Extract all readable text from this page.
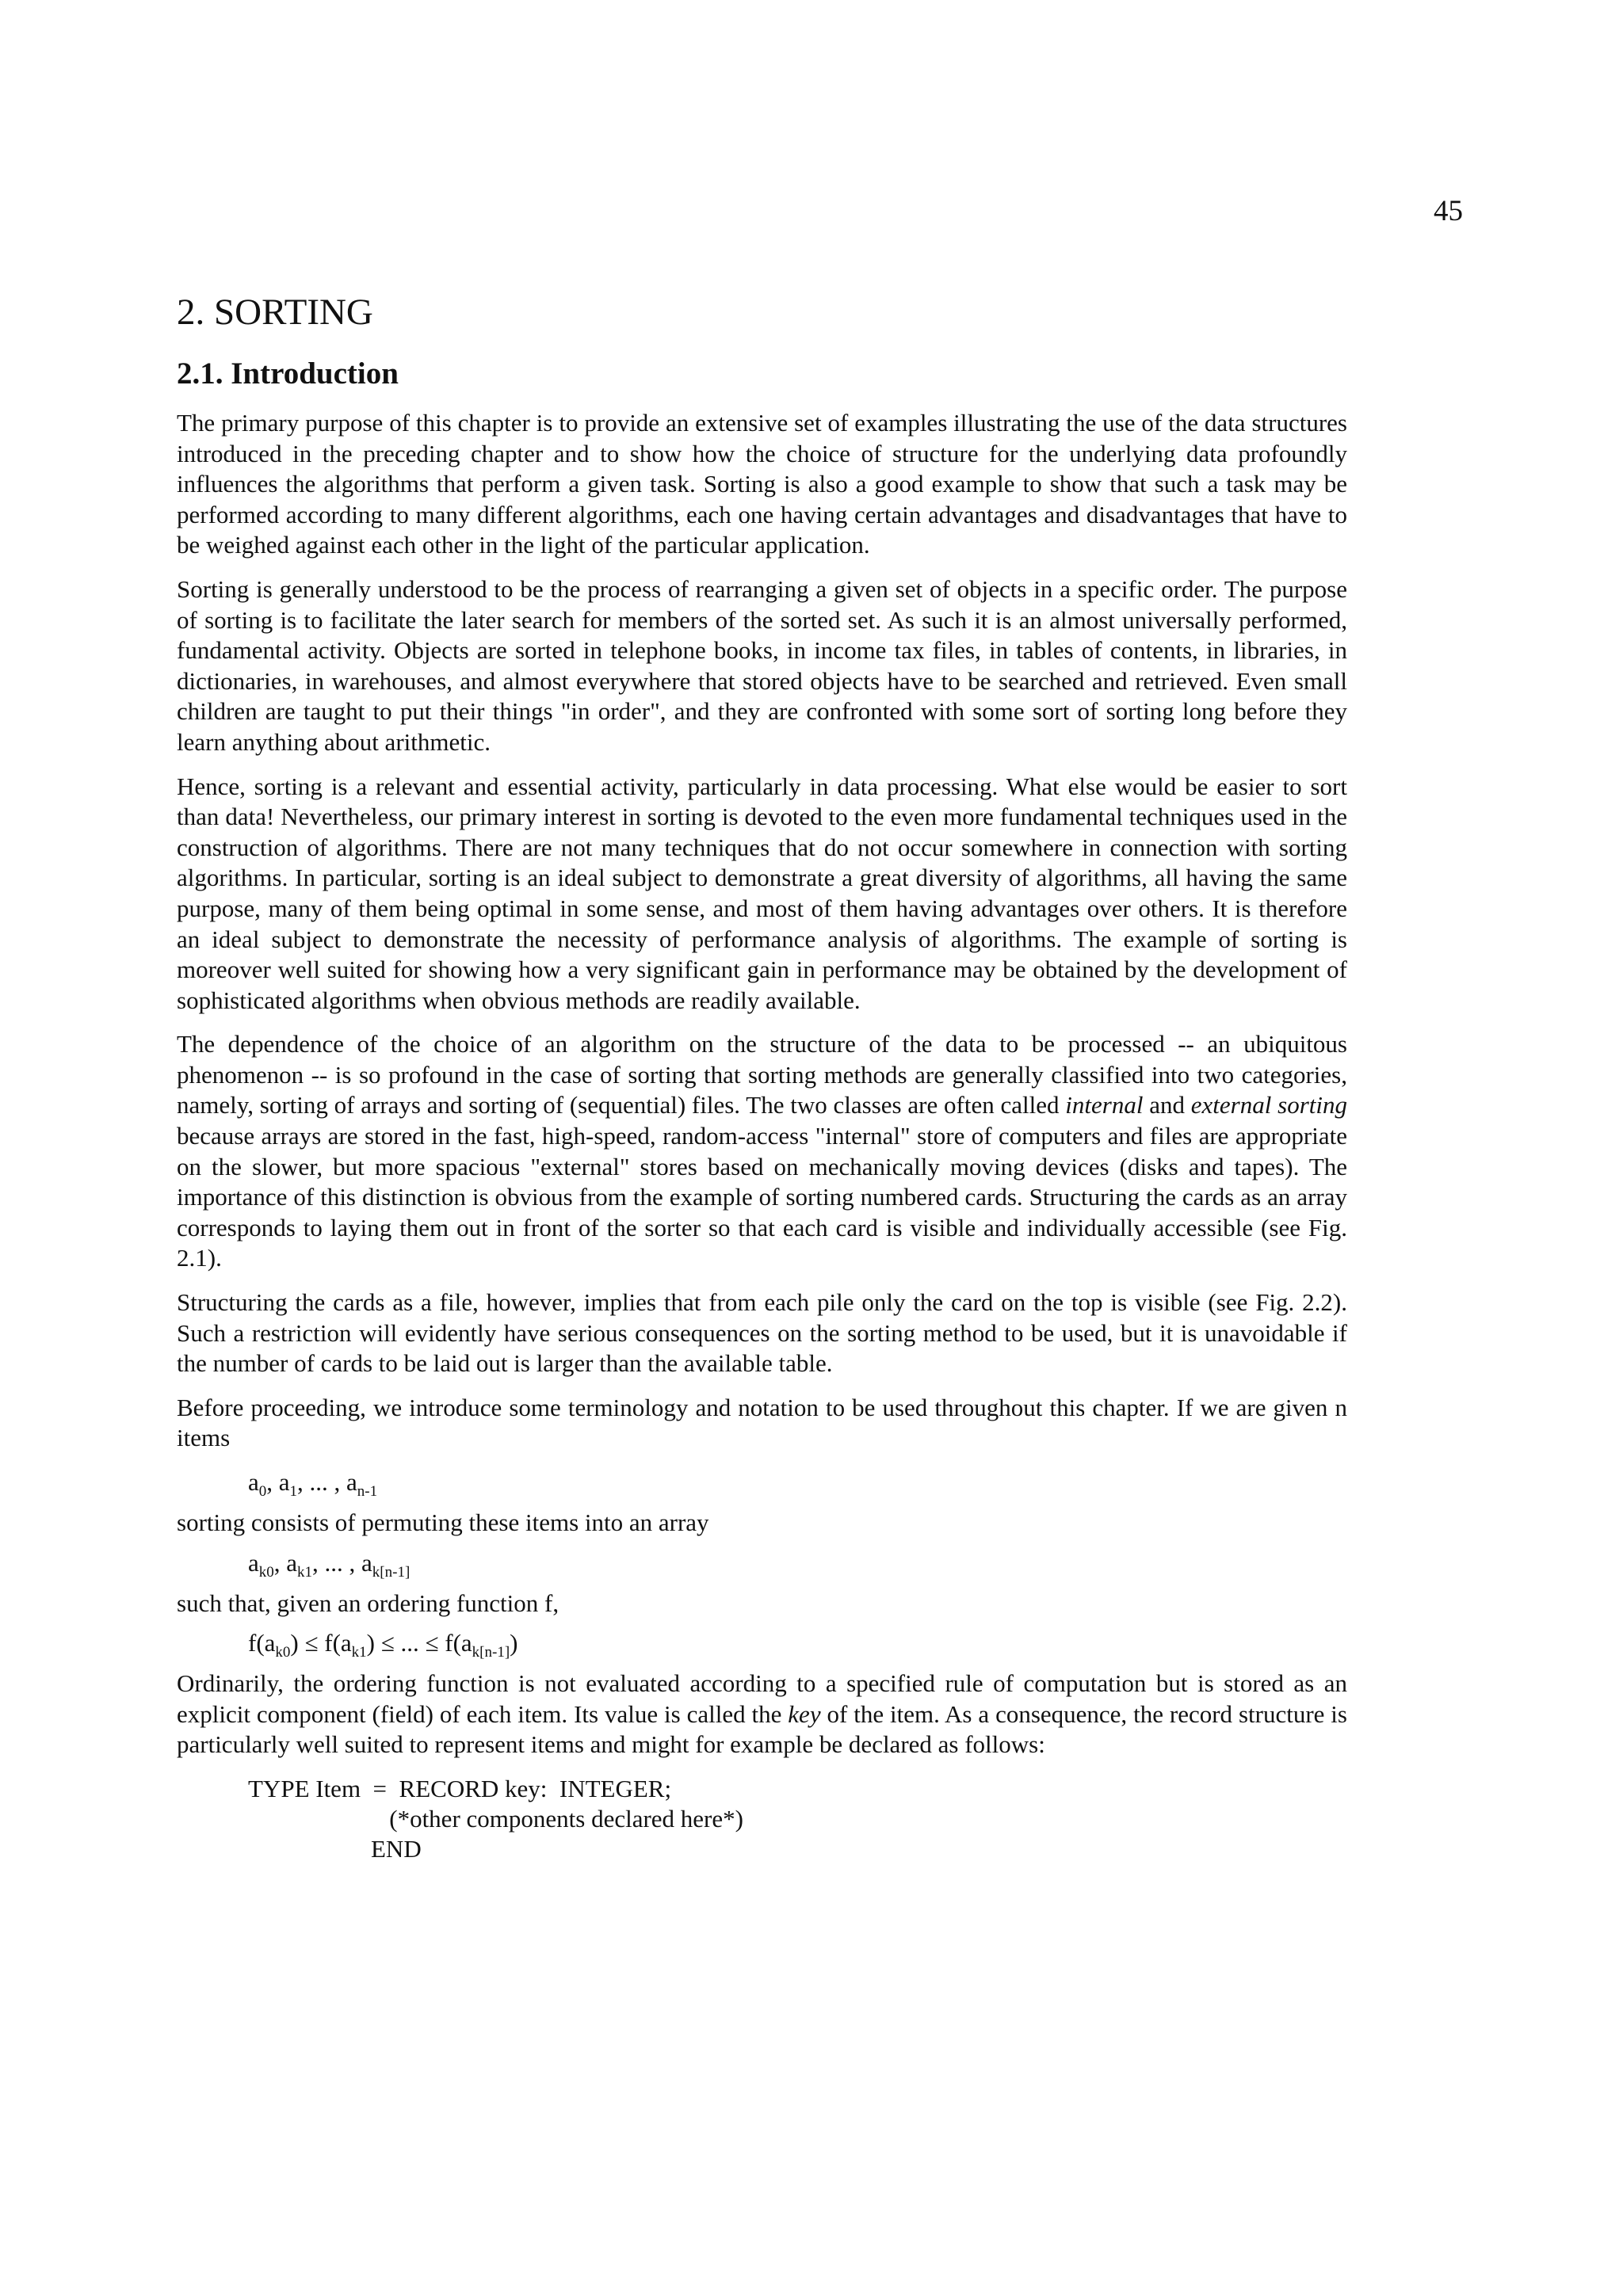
45
2. SORTING
2.1. Introduction

The primary purpose of this chapter is to provide an extensive set of examples illustrating the use of the data structures introduced in the preceding chapter and to show how the choice of structure for the underlying data profoundly influences the algorithms that perform a given task. Sorting is also a good example to show that such a task may be performed according to many different algorithms, each one having certain advantages and disadvantages that have to be weighed against each other in the light of the particular application.

Sorting is generally understood to be the process of rearranging a given set of objects in a specific order. The purpose of sorting is to facilitate the later search for members of the sorted set. As such it is an almost universally performed, fundamental activity. Objects are sorted in telephone books, in income tax files, in tables of contents, in libraries, in dictionaries, in warehouses, and almost everywhere that stored objects have to be searched and retrieved. Even small children are taught to put their things "in order", and they are confronted with some sort of sorting long before they learn anything about arithmetic.

Hence, sorting is a relevant and essential activity, particularly in data processing. What else would be easier to sort than data! Nevertheless, our primary interest in sorting is devoted to the even more fundamental techniques used in the construction of algorithms. There are not many techniques that do not occur somewhere in connection with sorting algorithms. In particular, sorting is an ideal subject to demonstrate a great diversity of algorithms, all having the same purpose, many of them being optimal in some sense, and most of them having advantages over others. It is therefore an ideal subject to demonstrate the necessity of performance analysis of algorithms. The example of sorting is moreover well suited for showing how a very significant gain in performance may be obtained by the development of sophisticated algorithms when obvious methods are readily available.

The dependence of the choice of an algorithm on the structure of the data to be processed -- an ubiquitous phenomenon -- is so profound in the case of sorting that sorting methods are generally classified into two categories, namely, sorting of arrays and sorting of (sequential) files. The two classes are often called internal and external sorting because arrays are stored in the fast, high-speed, random-access "internal" store of computers and files are appropriate on the slower, but more spacious "external" stores based on mechanically moving devices (disks and tapes). The importance of this distinction is obvious from the example of sorting numbered cards. Structuring the cards as an array corresponds to laying them out in front of the sorter so that each card is visible and individually accessible (see Fig. 2.1).

Structuring the cards as a file, however, implies that from each pile only the card on the top is visible (see Fig. 2.2). Such a restriction will evidently have serious consequences on the sorting method to be used, but it is unavoidable if the number of cards to be laid out is larger than the available table.

Before proceeding, we introduce some terminology and notation to be used throughout this chapter. If we are given n items

$a_0$, $a_1$, ... , $a_{n-1}$

sorting consists of permuting these items into an array

$a_{k0}$, $a_{k1}$, ... , $a_{k[n-1]}$

such that, given an ordering function f,

$f(a_{k0}) \le f(a_{k1})$ ≤ ... ≤ $f(a_{k[n-1]})$

Ordinarily, the ordering function is not evaluated according to a specified rule of computation but is stored as an explicit component (field) of each item. Its value is called the key of the item. As a consequence, the record structure is particularly well suited to represent items and might for example be declared as follows:

TYPE Item  =  RECORD key:  INTEGER;
(*other components declared here*)
END
